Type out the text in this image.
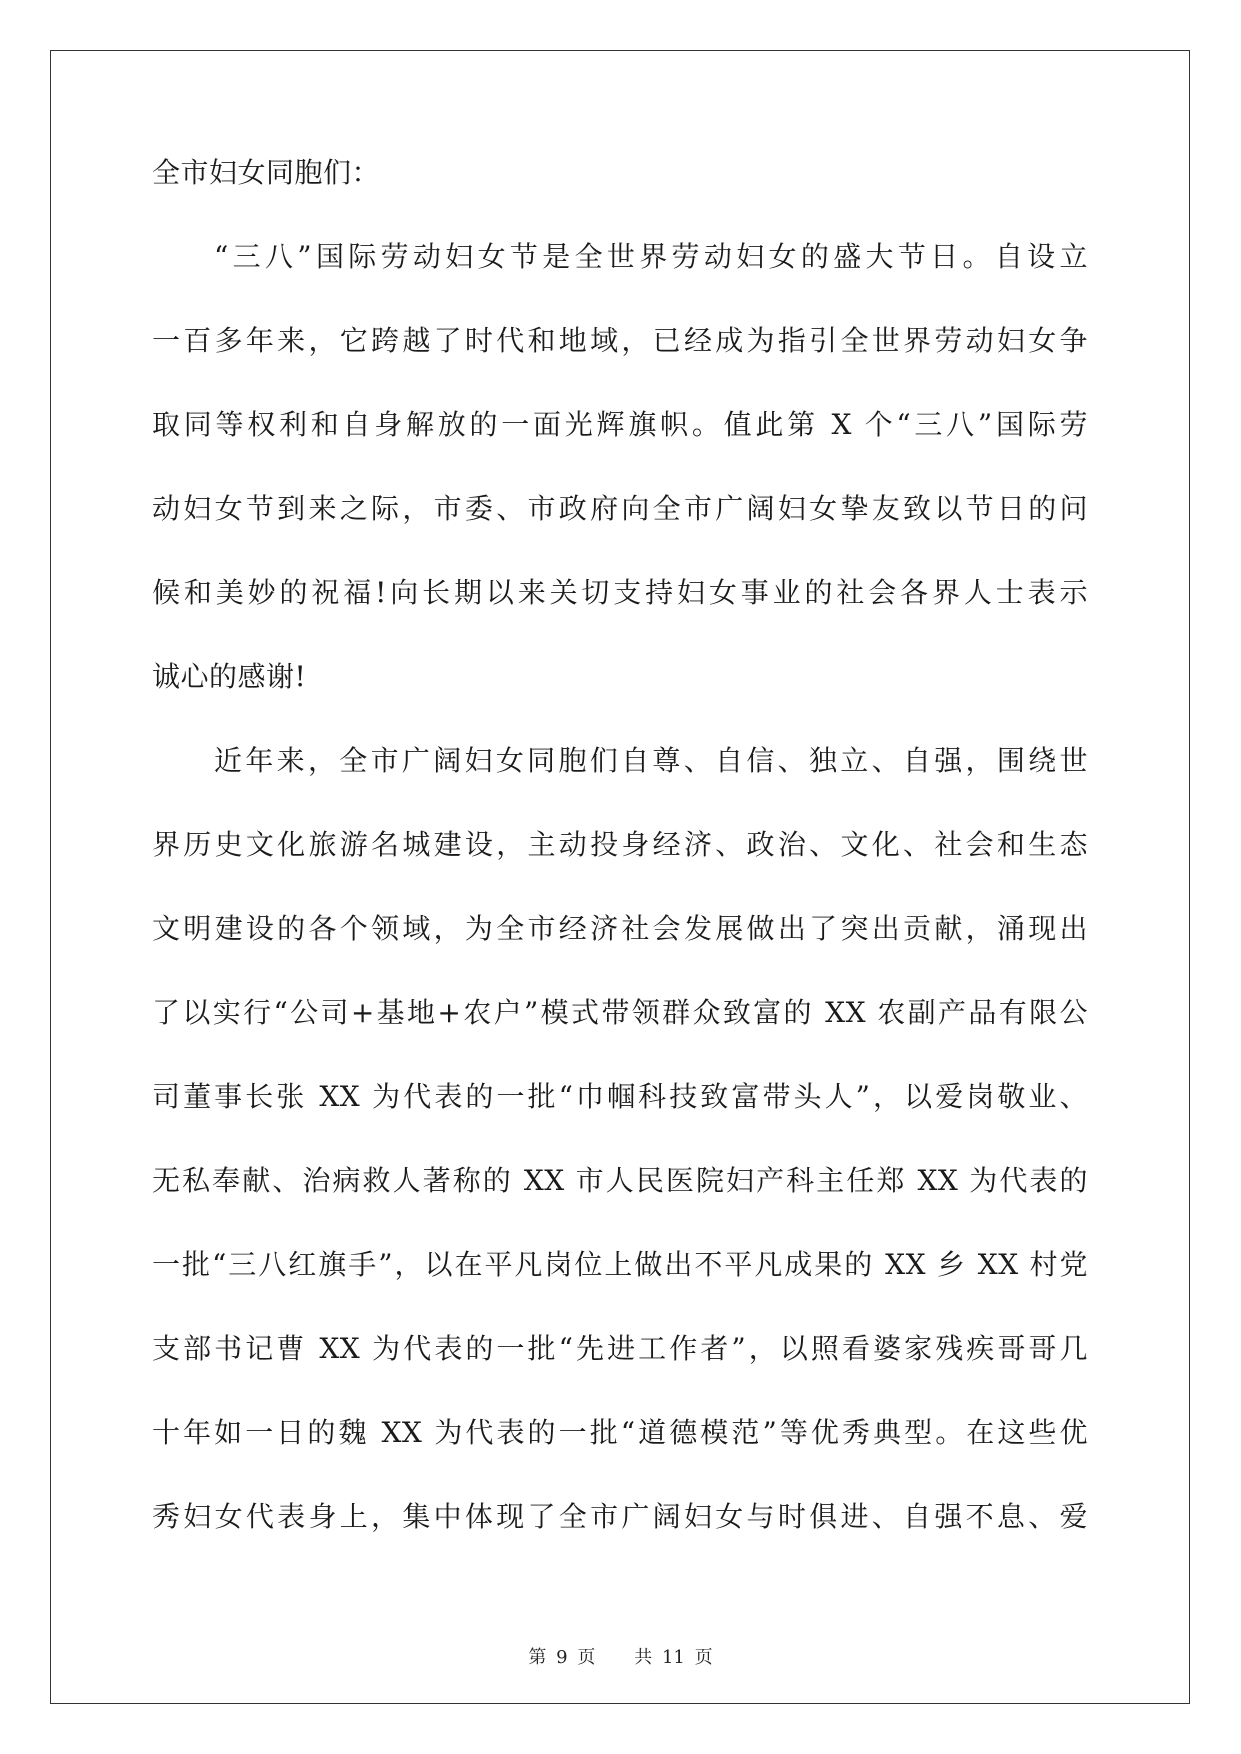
全市妇女同胞们：
“三八”国际劳动妇女节是全世界劳动妇女的盛大节日。自设立
一百多年来，它跨越了时代和地域，已经成为指引全世界劳动妇女争
取同等权利和自身解放的一面光辉旗帜。值此第 X 个“三八”国际劳
动妇女节到来之际，市委、市政府向全市广阔妇女挚友致以节日的问
候和美妙的祝福!向长期以来关切支持妇女事业的社会各界人士表示
诚心的感谢!
近年来，全市广阔妇女同胞们自尊、自信、独立、自强，围绕世
界历史文化旅游名城建设，主动投身经济、政治、文化、社会和生态
文明建设的各个领域，为全市经济社会发展做出了突出贡献，涌现出
了以实行“公司+基地+农户”模式带领群众致富的 XX 农副产品有限公
司董事长张 XX 为代表的一批“巾帼科技致富带头人”，以爱岗敬业、
无私奉献、治病救人著称的 XX 市人民医院妇产科主任郑 XX 为代表的
一批“三八红旗手”，以在平凡岗位上做出不平凡成果的 XX 乡 XX 村党
支部书记曹 XX 为代表的一批“先进工作者”，以照看婆家残疾哥哥几
十年如一日的魏 XX 为代表的一批“道德模范”等优秀典型。在这些优
秀妇女代表身上，集中体现了全市广阔妇女与时俱进、自强不息、爱
第 9 页 共 11 页
